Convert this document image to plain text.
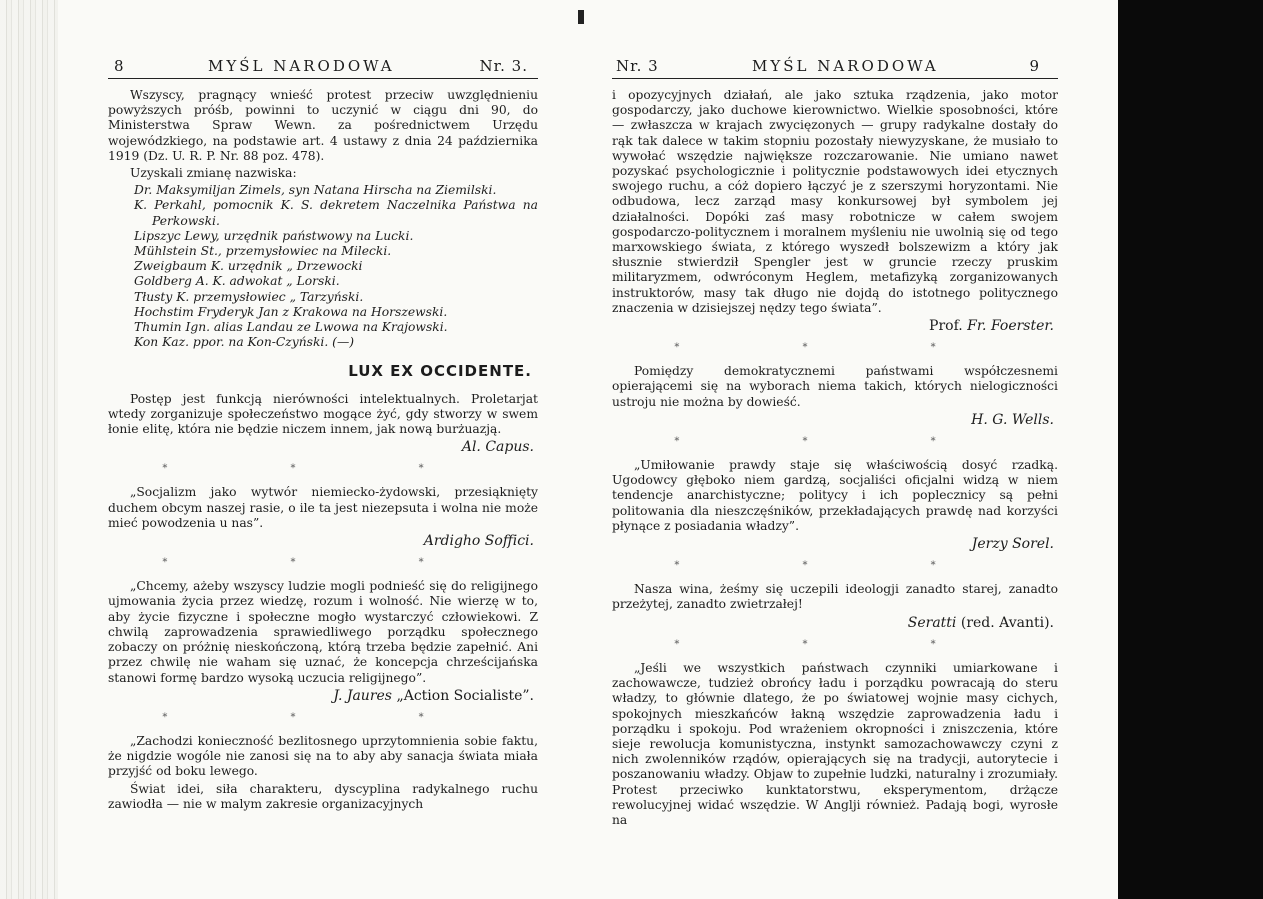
8	MYŚL NARODOWA	Nr. 3.

Wszyscy, pragnący wnieść protest przeciw uwzględnieniu powyższych próśb, powinni to uczynić w ciągu dni 90, do Ministerstwa Spraw Wewn. za pośrednictwem Urzędu wojewódzkiego, na podstawie art. 4 ustawy z dnia 24 października 1919 (Dz. U. R. P. Nr. 88 poz. 478).

Uzyskali zmianę nazwiska:

Dr. Maksymiljan Zimels, syn Natana Hirscha na Ziemilski.
K. Perkahl, pomocnik K. S. dekretem Naczelnika Państwa na Perkowski.
Lipszyc Lewy, urzędnik państwowy na Lucki.
Mühlstein St., przemysłowiec na Milecki.
Zweigbaum K. urzędnik „ Drzewocki
Goldberg A. K. adwokat „ Lorski.
Tłusty K. przemysłowiec „ Tarzyński.
Hochstim Fryderyk Jan z Krakowa na Horszewski.
Thumin Ign. alias Landau ze Lwowa na Krajowski.
Kon Kaz. ppor. na Kon-Czyński. (—)
LUX EX OCCIDENTE.

Postęp jest funkcją nierówności intelektualnych. Proletarjat wtedy zorganizuje społeczeństwo mogące żyć, gdy stworzy w swem łonie elitę, która nie będzie niczem innem, jak nową burżuazją.

Al. Capus.
* * *

„Socjalizm jako wytwór niemiecko-żydowski, przesiąknięty duchem obcym naszej rasie, o ile ta jest niezepsuta i wolna nie może mieć powodzenia u nas”.

Ardigho Soffici.
* * *

„Chcemy, ażeby wszyscy ludzie mogli podnieść się do religijnego ujmowania życia przez wiedzę, rozum i wolność. Nie wierzę w to, aby życie fizyczne i społeczne mogło wystarczyć człowiekowi. Z chwilą zaprowadzenia sprawiedliwego porządku społecznego zobaczy on próżnię nieskończoną, którą trzeba będzie zapełnić. Ani przez chwilę nie waham się uznać, że koncepcja chrześcijańska stanowi formę bardzo wysoką uczucia religijnego”.

J. Jaures „Action Socialiste”.
* * *

„Zachodzi konieczność bezlitosnego uprzytomnienia sobie faktu, że nigdzie wogóle nie zanosi się na to aby aby sanacja świata miała przyjść od boku lewego.

Świat idei, siła charakteru, dyscyplina radykalnego ruchu zawiodła — nie w malym zakresie organizacyjnych

Nr. 3	MYŚL NARODOWA	9

i opozycyjnych działań, ale jako sztuka rządzenia, jako motor gospodarczy, jako duchowe kierownictwo. Wielkie sposobności, które — zwłaszcza w krajach zwycięzonych — grupy radykalne dostały do rąk tak dalece w takim stopniu pozostały niewyzyskane, że musiało to wywołać wszędzie największe rozczarowanie. Nie umiano nawet pozyskać psychologicznie i politycznie podstawowych idei etycznych swojego ruchu, a cóż dopiero łączyć je z szerszymi horyzontami. Nie odbudowa, lecz zarząd masy konkursowej był symbolem jej działalności. Dopóki zaś masy robotnicze w całem swojem gospodarczo-politycznem i moralnem myśleniu nie uwolnią się od tego marxowskiego świata, z którego wyszedł bolszewizm a który jak słusznie stwierdził Spengler jest w gruncie rzeczy pruskim militaryzmem, odwróconym Heglem, metafizyką zorganizowanych instruktorów, masy tak długo nie dojdą do istotnego politycznego znaczenia w dzisiejszej nędzy tego świata”.

Prof. Fr. Foerster.
* * *

Pomiędzy demokratycznemi państwami współczesnemi opierającemi się na wyborach niema takich, których nielogiczności ustroju nie można by dowieść.

H. G. Wells.
* * *

„Umiłowanie prawdy staje się właściwością dosyć rzadką. Ugodowcy głęboko niem gardzą, socjaliści oficjalni widzą w niem tendencje anarchistyczne; politycy i ich poplecznicy są pełni politowania dla nieszczęśników, przekładających prawdę nad korzyści płynące z posiadania władzy”.

Jerzy Sorel.
* * *

Nasza wina, żeśmy się uczepili ideologji zanadto starej, zanadto przeżytej, zanadto zwietrzałej!

Seratti (red. Avanti).
* * *

„Jeśli we wszystkich państwach czynniki umiarkowane i zachowawcze, tudzież obrońcy ładu i porządku powracają do steru władzy, to głównie dlatego, że po światowej wojnie masy cichych, spokojnych mieszkańców łakną wszędzie zaprowadzenia ładu i porządku i spokoju. Pod wrażeniem okropności i zniszczenia, które sieje rewolucja komunistyczna, instynkt samozachowawczy czyni z nich zwolenników rządów, opierających się na tradycji, autorytecie i poszanowaniu władzy. Objaw to zupełnie ludzki, naturalny i zrozumiały. Protest przeciwko kunktatorstwu, eksperymentom, drżącze rewolucyjnej widać wszędzie. W Anglji również. Padają bogi, wyrosłe na
